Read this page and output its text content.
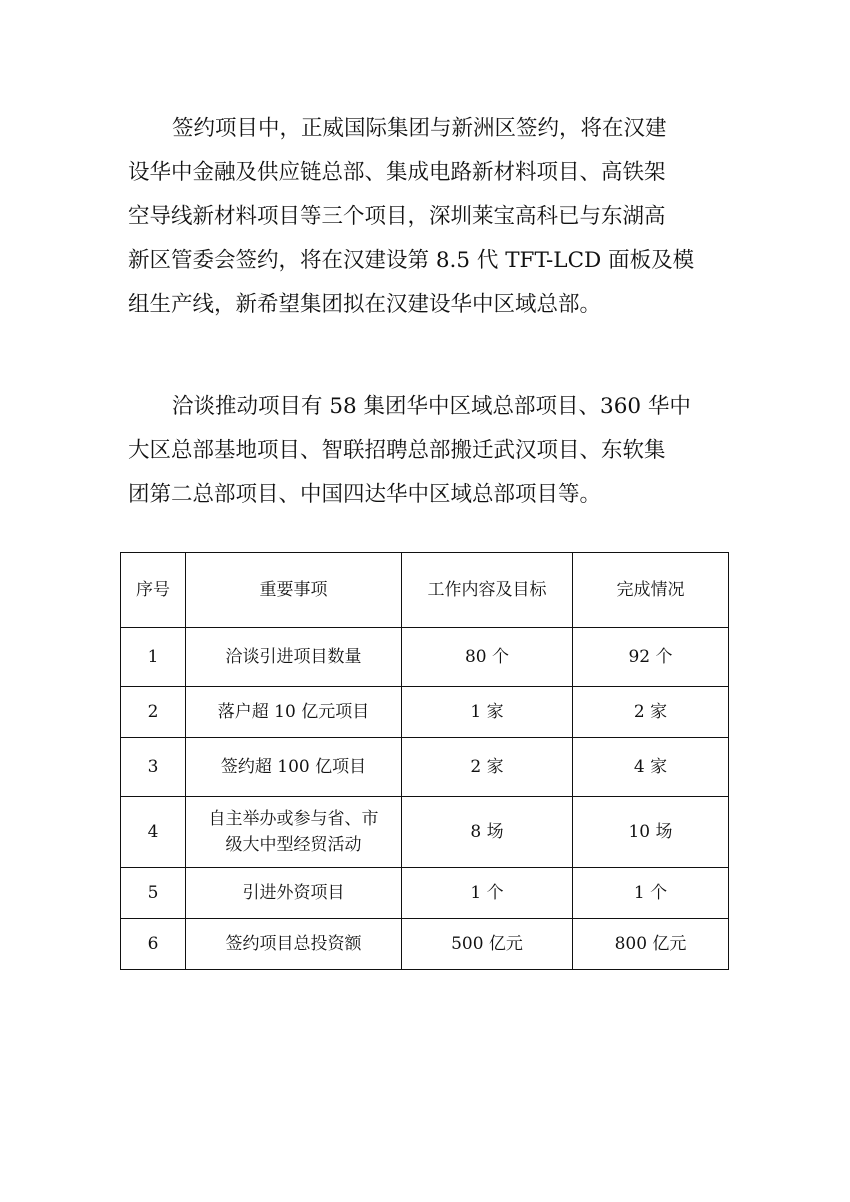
签约项目中，正威国际集团与新洲区签约，将在汉建
设华中金融及供应链总部、集成电路新材料项目、高铁架
空导线新材料项目等三个项目，深圳莱宝高科已与东湖高
新区管委会签约，将在汉建设第 8.5 代 TFT-LCD 面板及模
组生产线，新希望集团拟在汉建设华中区域总部。
洽谈推动项目有 58 集团华中区域总部项目、360 华中
大区总部基地项目、智联招聘总部搬迁武汉项目、东软集
团第二总部项目、中国四达华中区域总部项目等。
序号	重要事项	工作内容及目标	完成情况
1	洽谈引进项目数量	80 个	92 个
2	落户超 10 亿元项目	1 家	2 家
3	签约超 100 亿项目	2 家	4 家
4	自主举办或参与省、市
级大中型经贸活动	8 场	10 场
5	引进外资项目	1 个	1 个
6	签约项目总投资额	500 亿元	800 亿元
